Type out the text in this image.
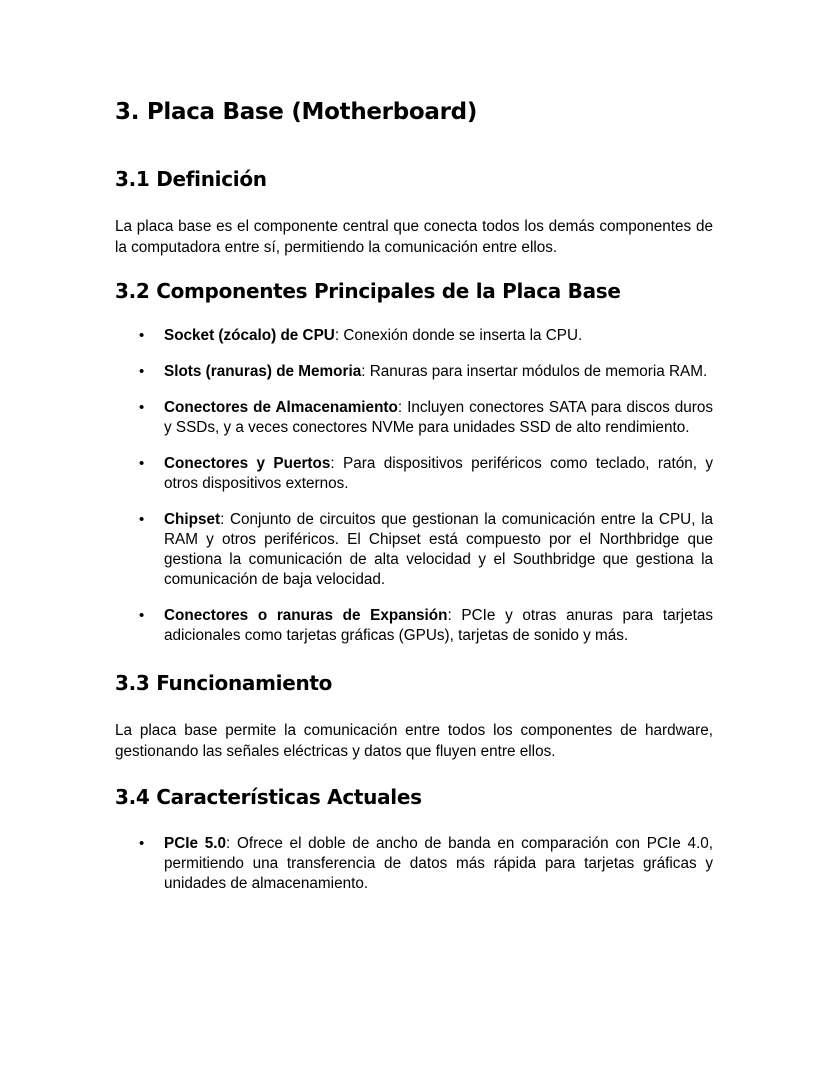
3. Placa Base (Motherboard)
3.1 Definición

La placa base es el componente central que conecta todos los demás componentes de la computadora entre sí, permitiendo la comunicación entre ellos.

3.2 Componentes Principales de la Placa Base
• Socket (zócalo) de CPU: Conexión donde se inserta la CPU.
• Slots (ranuras) de Memoria: Ranuras para insertar módulos de memoria RAM.
• Conectores de Almacenamiento: Incluyen conectores SATA para discos duros y SSDs, y a veces conectores NVMe para unidades SSD de alto rendimiento.
• Conectores y Puertos: Para dispositivos periféricos como teclado, ratón, y otros dispositivos externos.
• Chipset: Conjunto de circuitos que gestionan la comunicación entre la CPU, la RAM y otros periféricos. El Chipset está compuesto por el Northbridge que gestiona la comunicación de alta velocidad y el Southbridge que gestiona la comunicación de baja velocidad.
• Conectores o ranuras de Expansión: PCIe y otras anuras para tarjetas adicionales como tarjetas gráficas (GPUs), tarjetas de sonido y más.
3.3 Funcionamiento

La placa base permite la comunicación entre todos los componentes de hardware, gestionando las señales eléctricas y datos que fluyen entre ellos.

3.4 Características Actuales
• PCIe 5.0: Ofrece el doble de ancho de banda en comparación con PCIe 4.0, permitiendo una transferencia de datos más rápida para tarjetas gráficas y unidades de almacenamiento.
